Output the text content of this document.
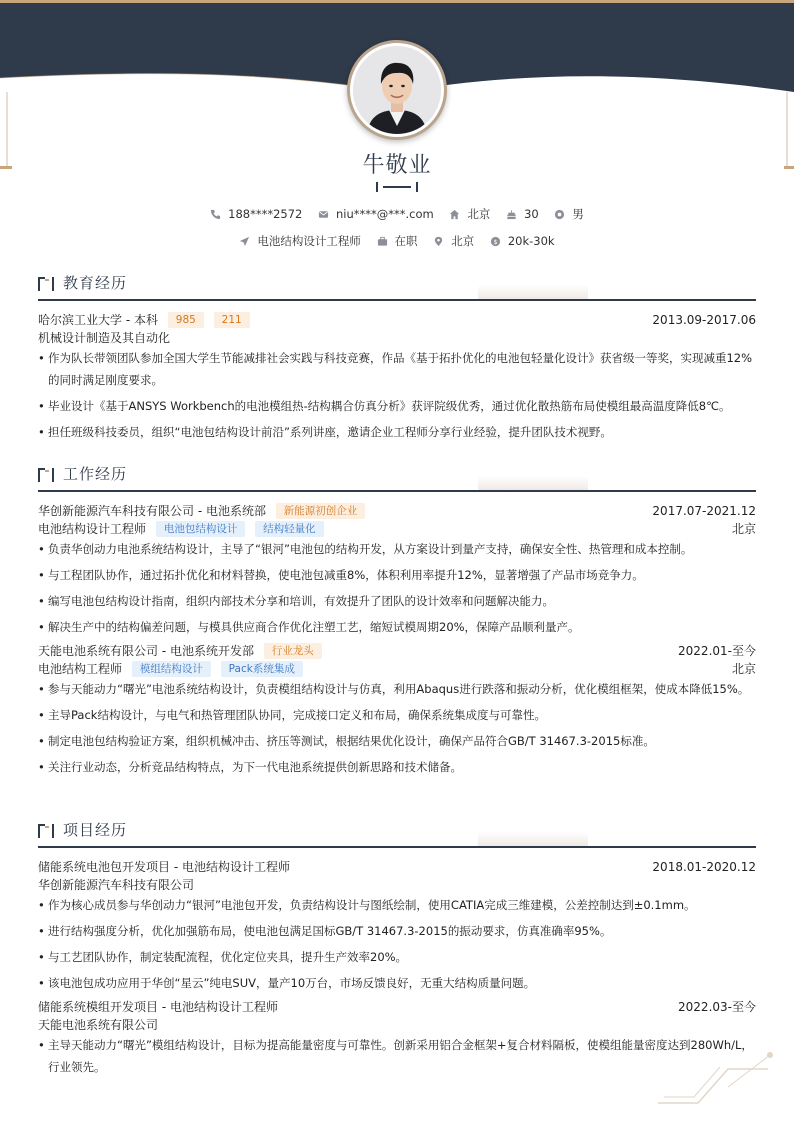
牛敬业
188****2572
	niu****@***.com
	北京
	30
	男
电池结构设计工程师
	在职
	北京
	$ 20k-30k
教育经历
哈尔滨工业大学 - 本科 985 211	2013.09-2017.06
机械设计制造及其自动化
• 作为队长带领团队参加全国大学生节能减排社会实践与科技竞赛，作品《基于拓扑优化的电池包轻量化设计》获省级一等奖，实现减重12%的同时满足刚度要求。
• 毕业设计《基于ANSYS Workbench的电池模组热-结构耦合仿真分析》获评院级优秀，通过优化散热筋布局使模组最高温度降低8℃。
• 担任班级科技委员，组织“电池包结构设计前沿”系列讲座，邀请企业工程师分享行业经验，提升团队技术视野。
工作经历
华创新能源汽车科技有限公司 - 电池系统部 新能源初创企业	2017.07-2021.12
电池结构设计工程师 电池包结构设计 结构轻量化	北京
• 负责华创动力电池系统结构设计，主导了“银河”电池包的结构开发，从方案设计到量产支持，确保安全性、热管理和成本控制。
• 与工程团队协作，通过拓扑优化和材料替换，使电池包减重8%，体积利用率提升12%，显著增强了产品市场竞争力。
• 编写电池包结构设计指南，组织内部技术分享和培训，有效提升了团队的设计效率和问题解决能力。
• 解决生产中的结构偏差问题，与模具供应商合作优化注塑工艺，缩短试模周期20%，保障产品顺利量产。
天能电池系统有限公司 - 电池系统开发部 行业龙头	2022.01-至今
电池结构工程师 模组结构设计 Pack系统集成	北京
• 参与天能动力“曙光”电池系统结构设计，负责模组结构设计与仿真，利用Abaqus进行跌落和振动分析，优化模组框架，使成本降低15%。
• 主导Pack结构设计，与电气和热管理团队协同，完成接口定义和布局，确保系统集成度与可靠性。
• 制定电池包结构验证方案，组织机械冲击、挤压等测试，根据结果优化设计，确保产品符合GB/T 31467.3-2015标准。
• 关注行业动态，分析竞品结构特点，为下一代电池系统提供创新思路和技术储备。
项目经历
储能系统电池包开发项目 - 电池结构设计工程师	2018.01-2020.12
华创新能源汽车科技有限公司
• 作为核心成员参与华创动力“银河”电池包开发，负责结构设计与图纸绘制，使用CATIA完成三维建模，公差控制达到±0.1mm。
• 进行结构强度分析，优化加强筋布局，使电池包满足国标GB/T 31467.3-2015的振动要求，仿真准确率95%。
• 与工艺团队协作，制定装配流程，优化定位夹具，提升生产效率20%。
• 该电池包成功应用于华创“星云”纯电SUV，量产10万台，市场反馈良好，无重大结构质量问题。
储能系统模组开发项目 - 电池结构设计工程师	2022.03-至今
天能电池系统有限公司
• 主导天能动力“曙光”模组结构设计，目标为提高能量密度与可靠性。创新采用铝合金框架+复合材料隔板，使模组能量密度达到280Wh/L，行业领先。
